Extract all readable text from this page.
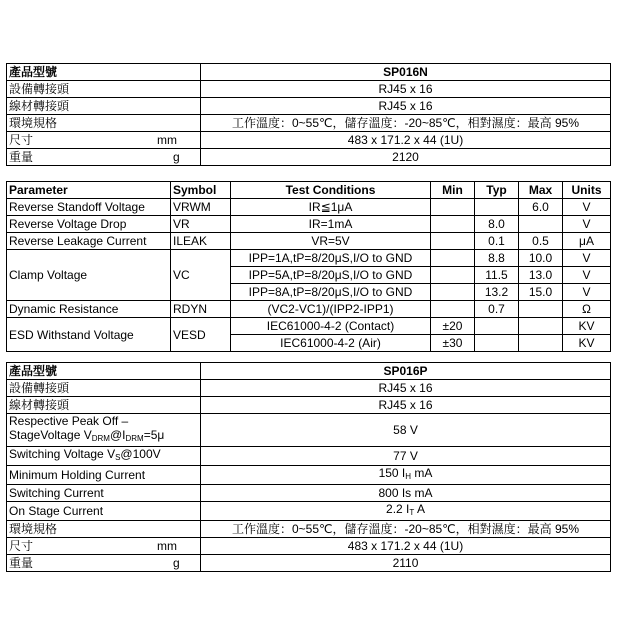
產品型號	SP016N
設備轉接頭	RJ45 x 16
線材轉接頭	RJ45 x 16
環境規格	工作溫度：0~55℃，儲存溫度：-20~85℃，相對濕度：最高 95%
尺寸 mm	483 x 171.2 x 44 (1U)
重量 g	2120
Parameter	Symbol	Test Conditions	Min	Typ	Max	Units
Reverse Standoff Voltage	VRWM	IR≦1μA			6.0	V
Reverse Voltage Drop	VR	IR=1mA		8.0		V
Reverse Leakage Current	ILEAK	VR=5V		0.1	0.5	μA
Clamp Voltage	VC	IPP=1A,tP=8/20μS,I/O to GND		8.8	10.0	V
		IPP=5A,tP=8/20μS,I/O to GND		11.5	13.0	V
		IPP=8A,tP=8/20μS,I/O to GND		13.2	15.0	V
Dynamic Resistance	RDYN	(VC2-VC1)/(IPP2-IPP1)		0.7		Ω
ESD Withstand Voltage	VESD	IEC61000-4-2 (Contact)	±20			KV
		IEC61000-4-2 (Air)	±30			KV
產品型號	SP016P
設備轉接頭	RJ45 x 16
線材轉接頭	RJ45 x 16
Respective Peak Off –
StageVoltage $V_{DRM}@I_{DRM}=5\mu$	58 V
Switching Voltage $V_S@100V$	77 V
Minimum Holding Current	150 $I_H$ mA
Switching Current	800 Is mA
On Stage Current	2.2 $I_T$ A
環境規格	工作溫度：0~55℃，儲存溫度：-20~85℃，相對濕度：最高 95%
尺寸 mm	483 x 171.2 x 44 (1U)
重量 g	2110
